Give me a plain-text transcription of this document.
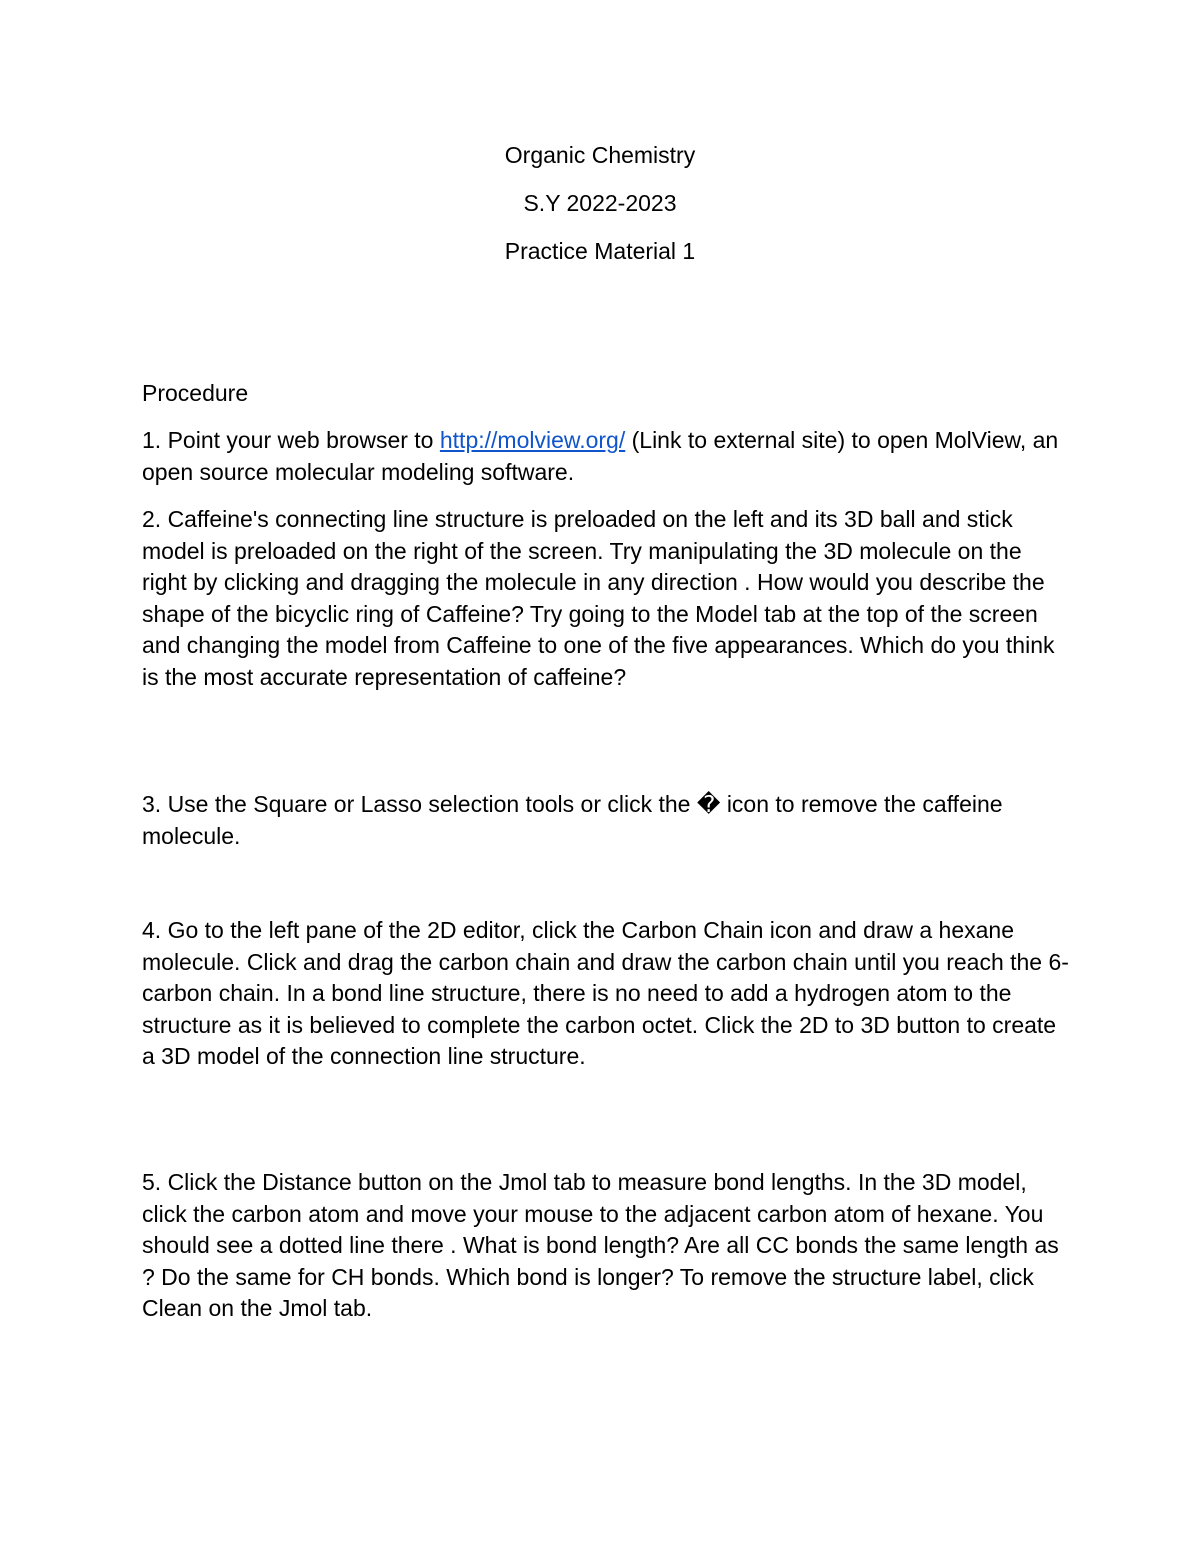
Organic Chemistry
S.Y 2022-2023
Practice Material 1
Procedure
1. Point your web browser to http://molview.org/ (Link to external site) to open MolView, an open source molecular modeling software.
2. Caffeine's connecting line structure is preloaded on the left and its 3D ball and stick model is preloaded on the right of the screen. Try manipulating the 3D molecule on the right by clicking and dragging the molecule in any direction . How would you describe the shape of the bicyclic ring of Caffeine? Try going to the Model tab at the top of the screen and changing the model from Caffeine to one of the five appearances. Which do you think is the most accurate representation of caffeine?
3. Use the Square or Lasso selection tools or click the � icon to remove the caffeine molecule.
4. Go to the left pane of the 2D editor, click the Carbon Chain icon and draw a hexane molecule. Click and drag the carbon chain and draw the carbon chain until you reach the 6- carbon chain. In a bond line structure, there is no need to add a hydrogen atom to the structure as it is believed to complete the carbon octet. Click the 2D to 3D button to create a 3D model of the connection line structure.
5. Click the Distance button on the Jmol tab to measure bond lengths. In the 3D model, click the carbon atom and move your mouse to the adjacent carbon atom of hexane. You should see a dotted line there . What is bond length? Are all CC bonds the same length as ? Do the same for CH bonds. Which bond is longer? To remove the structure label, click Clean on the Jmol tab.
